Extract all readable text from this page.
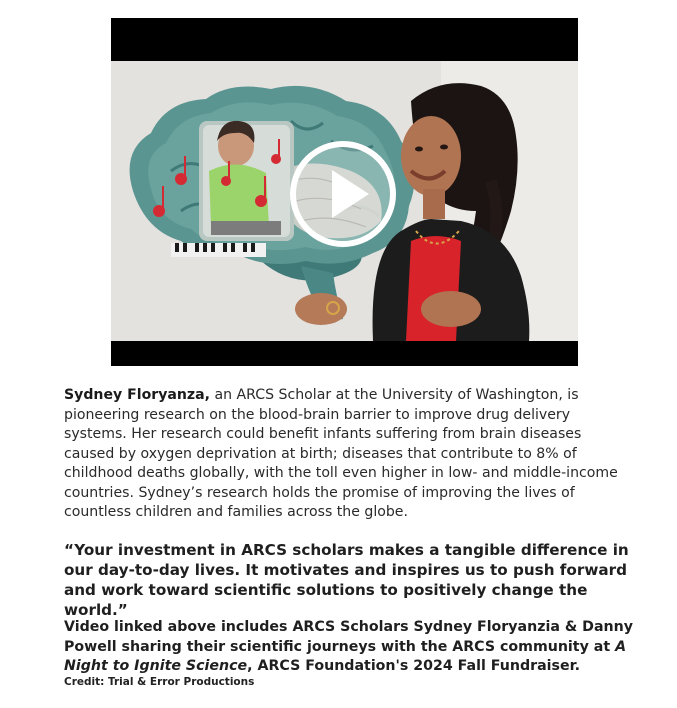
Sydney Floryanza, an ARCS Scholar at the University of Washington, is pioneering research on the blood-brain barrier to improve drug delivery systems. Her research could benefit infants suffering from brain diseases caused by oxygen deprivation at birth; diseases that contribute to 8% of childhood deaths globally, with the toll even higher in low- and middle-income countries. Sydney’s research holds the promise of improving the lives of countless children and families across the globe.

“Your investment in ARCS scholars makes a tangible difference in our day-to-day lives. It motivates and inspires us to push forward and work toward scientific solutions to positively change the world.”

Video linked above includes ARCS Scholars Sydney Floryanzia & Danny Powell sharing their scientific journeys with the ARCS community at A Night to Ignite Science, ARCS Foundation's 2024 Fall Fundraiser.

Credit: Trial & Error Productions
